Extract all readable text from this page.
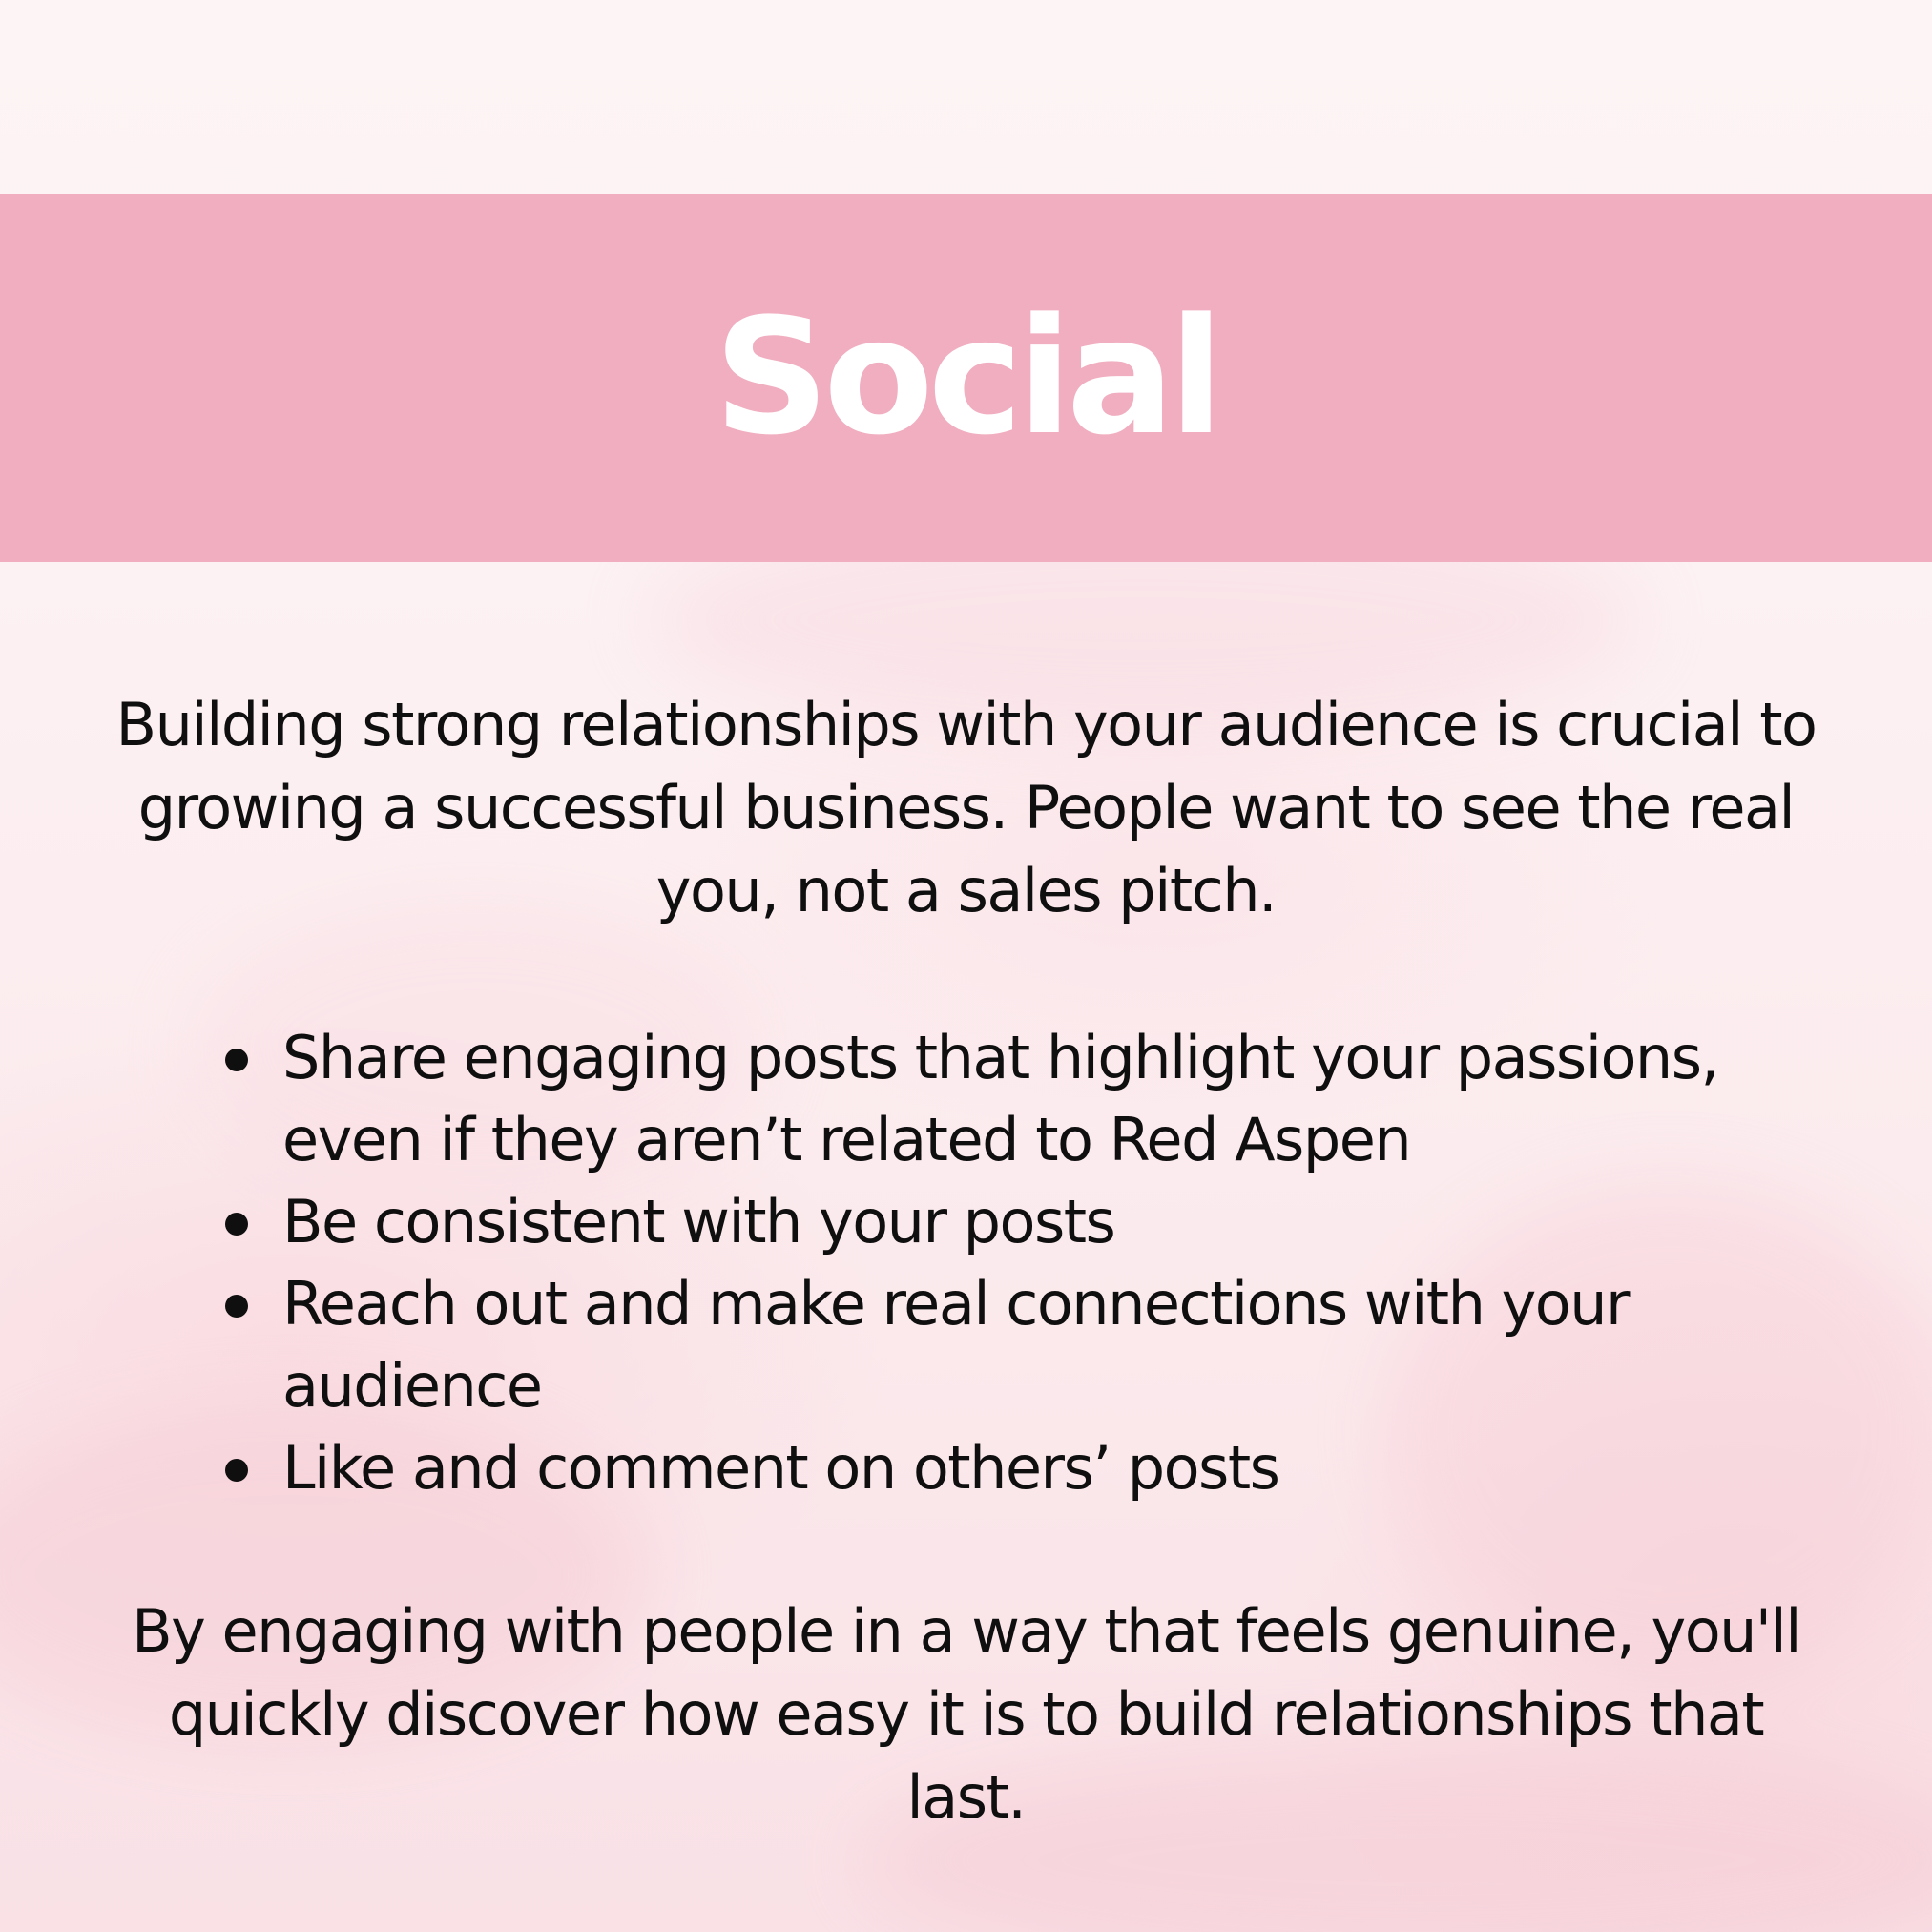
Social

Building strong relationships with your audience is crucial to growing a successful business. People want to see the real you, not a sales pitch.

Share engaging posts that highlight your passions, even if they aren’t related to Red Aspen
Be consistent with your posts
Reach out and make real connections with your audience
Like and comment on others’ posts

By engaging with people in a way that feels genuine, you'll quickly discover how easy it is to build relationships that last.
